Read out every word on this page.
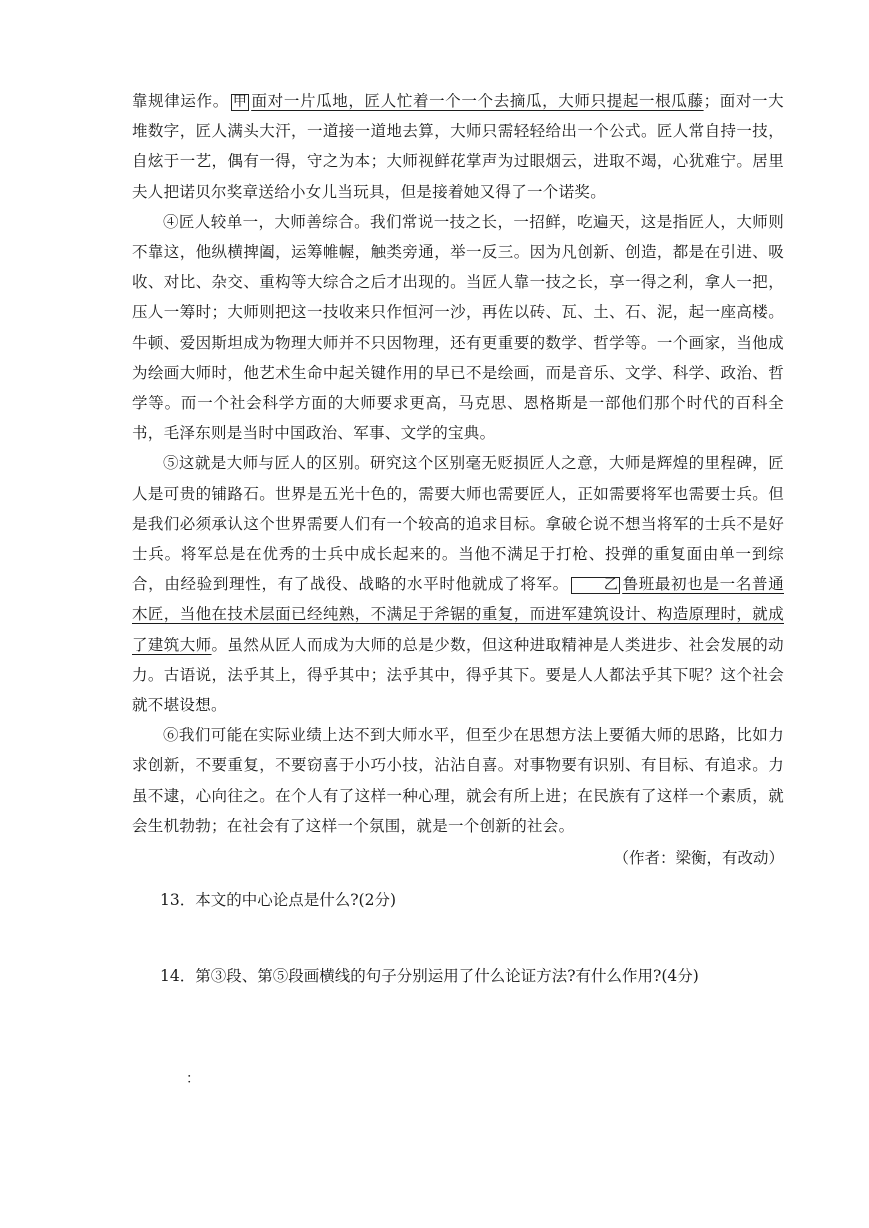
靠规律运作。 甲 面对一片瓜地，匠人忙着一个一个去摘瓜，大师只提起一根瓜藤；面对一大堆数字，匠人满头大汗，一道接一道地去算，大师只需轻轻给出一个公式。匠人常自持一技，自炫于一艺，偶有一得，守之为本；大师视鲜花掌声为过眼烟云，进取不竭，心犹难宁。居里夫人把诺贝尔奖章送给小女儿当玩具，但是接着她又得了一个诺奖。

④匠人较单一，大师善综合。我们常说一技之长，一招鲜，吃遍天，这是指匠人，大师则不靠这，他纵横捭阖，运筹帷幄，触类旁通，举一反三。因为凡创新、创造，都是在引进、吸收、对比、杂交、重构等大综合之后才出现的。当匠人靠一技之长，享一得之利，拿人一把，压人一筹时；大师则把这一技收来只作恒河一沙，再佐以砖、瓦、土、石、泥，起一座高楼。牛顿、爱因斯坦成为物理大师并不只因物理，还有更重要的数学、哲学等。一个画家，当他成为绘画大师时，他艺术生命中起关键作用的早已不是绘画，而是音乐、文学、科学、政治、哲学等。而一个社会科学方面的大师要求更高，马克思、恩格斯是一部他们那个时代的百科全书，毛泽东则是当时中国政治、军事、文学的宝典。

⑤这就是大师与匠人的区别。研究这个区别毫无贬损匠人之意，大师是辉煌的里程碑，匠人是可贵的铺路石。世界是五光十色的，需要大师也需要匠人，正如需要将军也需要士兵。但是我们必须承认这个世界需要人们有一个较高的追求目标。拿破仑说不想当将军的士兵不是好士兵。将军总是在优秀的士兵中成长起来的。当他不满足于打枪、投弹的重复面由单一到综合，由经验到理性，有了战役、战略的水平时他就成了将军。	乙 鲁班最初也是一名普通木匠，当他在技术层面已经纯熟，不满足于斧锯的重复，而进军建筑设计、构造原理时，就成了建筑大师。虽然从匠人而成为大师的总是少数，但这种进取精神是人类进步、社会发展的动力。古语说，法乎其上，得乎其中；法乎其中，得乎其下。要是人人都法乎其下呢？这个社会就不堪设想。

⑥我们可能在实际业绩上达不到大师水平，但至少在思想方法上要循大师的思路，比如力求创新，不要重复，不要窃喜于小巧小技，沾沾自喜。对事物要有识别、有目标、有追求。力虽不逮，心向往之。在个人有了这样一种心理，就会有所上进；在民族有了这样一个素质，就会生机勃勃；在社会有了这样一个氛围，就是一个创新的社会。

（作者：梁衡，有改动）

13．本文的中心论点是什么?(2分)

14．第③段、第⑤段画横线的句子分别运用了什么论证方法?有什么作用?(4分)

：
